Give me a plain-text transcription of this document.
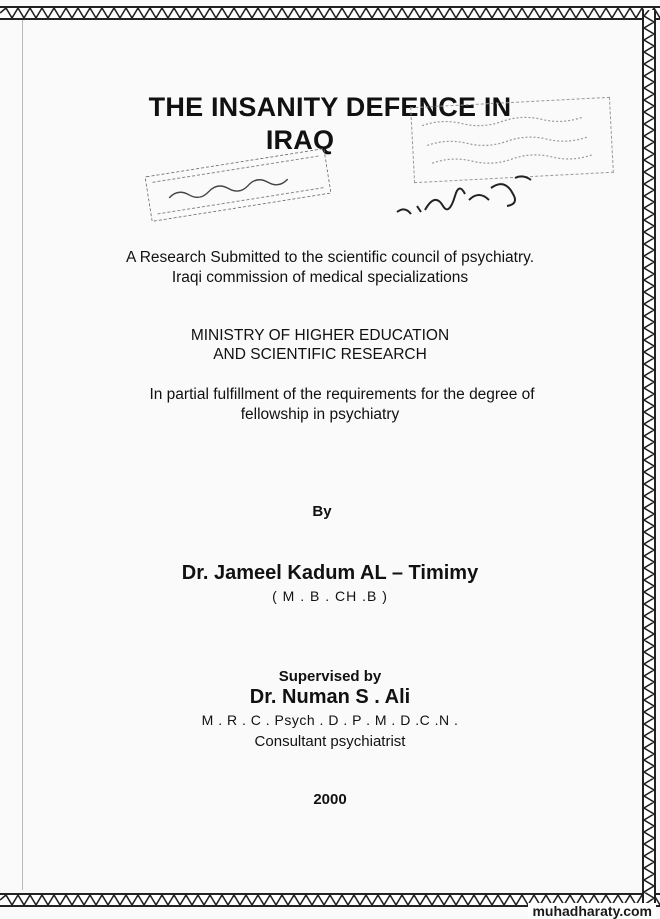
THE INSANITY DEFENCE IN
IRAQ
A Research Submitted to the scientific council of psychiatry.
Iraqi commission of medical specializations
MINISTRY OF HIGHER EDUCATION
AND SCIENTIFIC RESEARCH
In partial fulfillment of the requirements for the degree of
fellowship in psychiatry
By
Dr. Jameel Kadum AL – Timimy
( M . B . CH .B )
Supervised by
Dr. Numan S . Ali
M . R . C . Psych . D . P . M . D .C .N .
Consultant psychiatrist
2000
muhadharaty.com
